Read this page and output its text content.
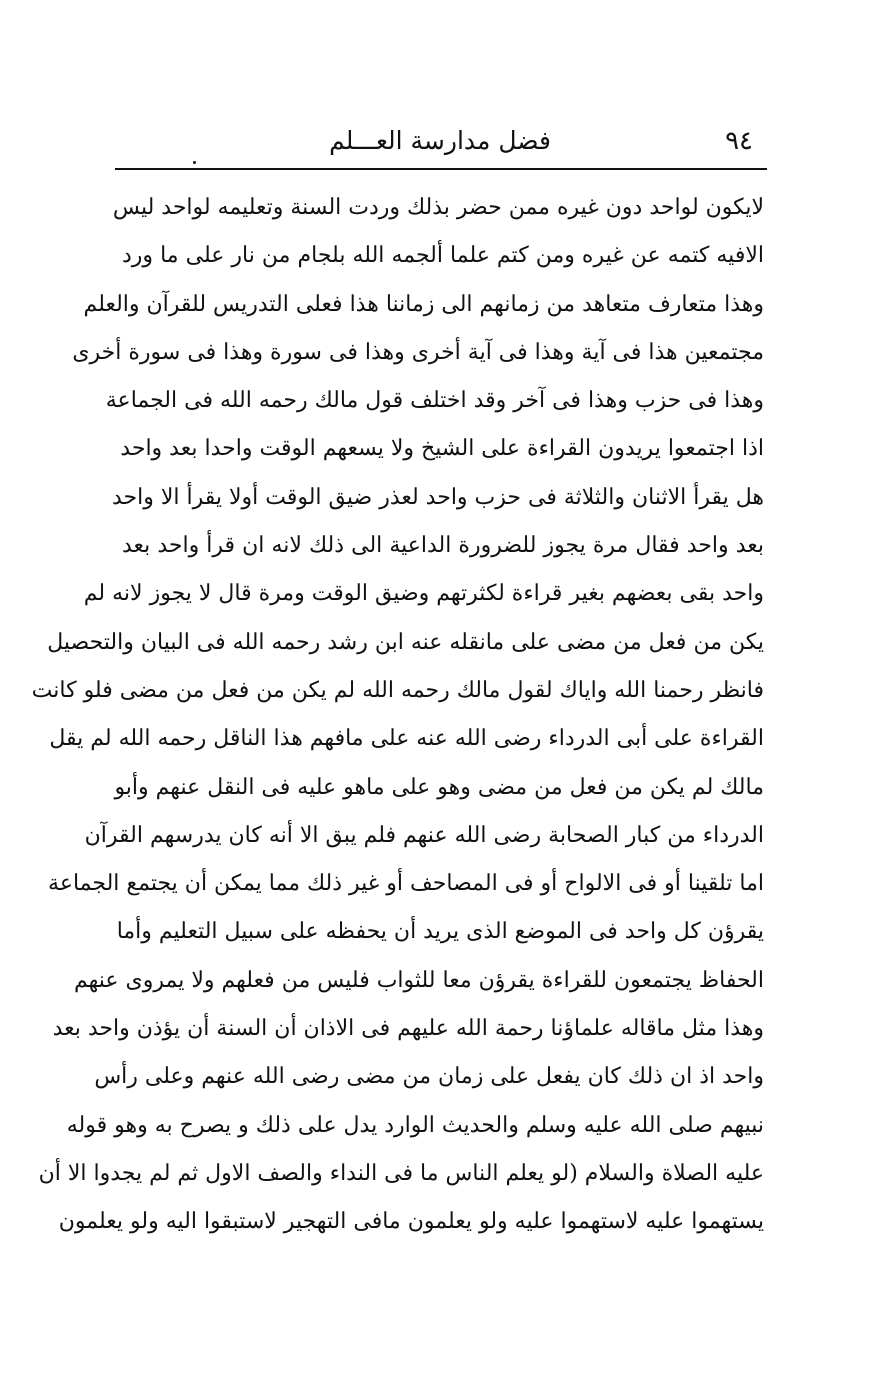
٩٤
فضل مدارسة العـــلم
لايكون لواحد دون غيره ممن حضر بذلك وردت السنة وتعليمه لواحد ليس
الافيه كتمه عن غيره ومن كتم علما ألجمه الله بلجام من نار على ما ورد
وهذا متعارف متعاهد من زمانهم الى زماننا هذا فعلى التدريس للقرآن والعلم
مجتمعين هذا فى آية وهذا فى آية أخرى وهذا فى سورة وهذا فى سورة أخرى
وهذا فى حزب وهذا فى آخر وقد اختلف قول مالك رحمه الله فى الجماعة
اذا اجتمعوا يريدون القراءة على الشيخ ولا يسعهم الوقت واحدا بعد واحد
هل يقرأ الاثنان والثلاثة فى حزب واحد لعذر ضيق الوقت أولا يقرأ الا واحد
بعد واحد فقال مرة يجوز للضرورة الداعية الى ذلك لانه ان قرأ واحد بعد
واحد بقى بعضهم بغير قراءة لكثرتهم وضيق الوقت ومرة قال لا يجوز لانه لم
يكن من فعل من مضى على مانقله عنه ابن رشد رحمه الله فى البيان والتحصيل
فانظر رحمنا الله واياك لقول مالك رحمه الله لم يكن من فعل من مضى فلو كانت
القراءة على أبى الدرداء رضى الله عنه على مافهم هذا الناقل رحمه الله لم يقل
مالك لم يكن من فعل من مضى وهو على ماهو عليه فى النقل عنهم وأبو
الدرداء من كبار الصحابة رضى الله عنهم فلم يبق الا أنه كان يدرسهم القرآن
اما تلقينا أو فى الالواح أو فى المصاحف أو غير ذلك مما يمكن أن يجتمع الجماعة
يقرؤن كل واحد فى الموضع الذى يريد أن يحفظه على سبيل التعليم وأما
الحفاظ يجتمعون للقراءة يقرؤن معا للثواب فليس من فعلهم ولا يمروى عنهم
وهذا مثل ماقاله علماؤنا رحمة الله عليهم فى الاذان أن السنة أن يؤذن واحد بعد
واحد اذ ان ذلك كان يفعل على زمان من مضى رضى الله عنهم وعلى رأس
نبيهم صلى الله عليه وسلم والحديث الوارد يدل على ذلك و يصرح به وهو قوله
عليه الصلاة والسلام (لو يعلم الناس ما فى النداء والصف الاول ثم لم يجدوا الا أن
يستهموا عليه لاستهموا عليه ولو يعلمون مافى التهجير لاستبقوا اليه ولو يعلمون
